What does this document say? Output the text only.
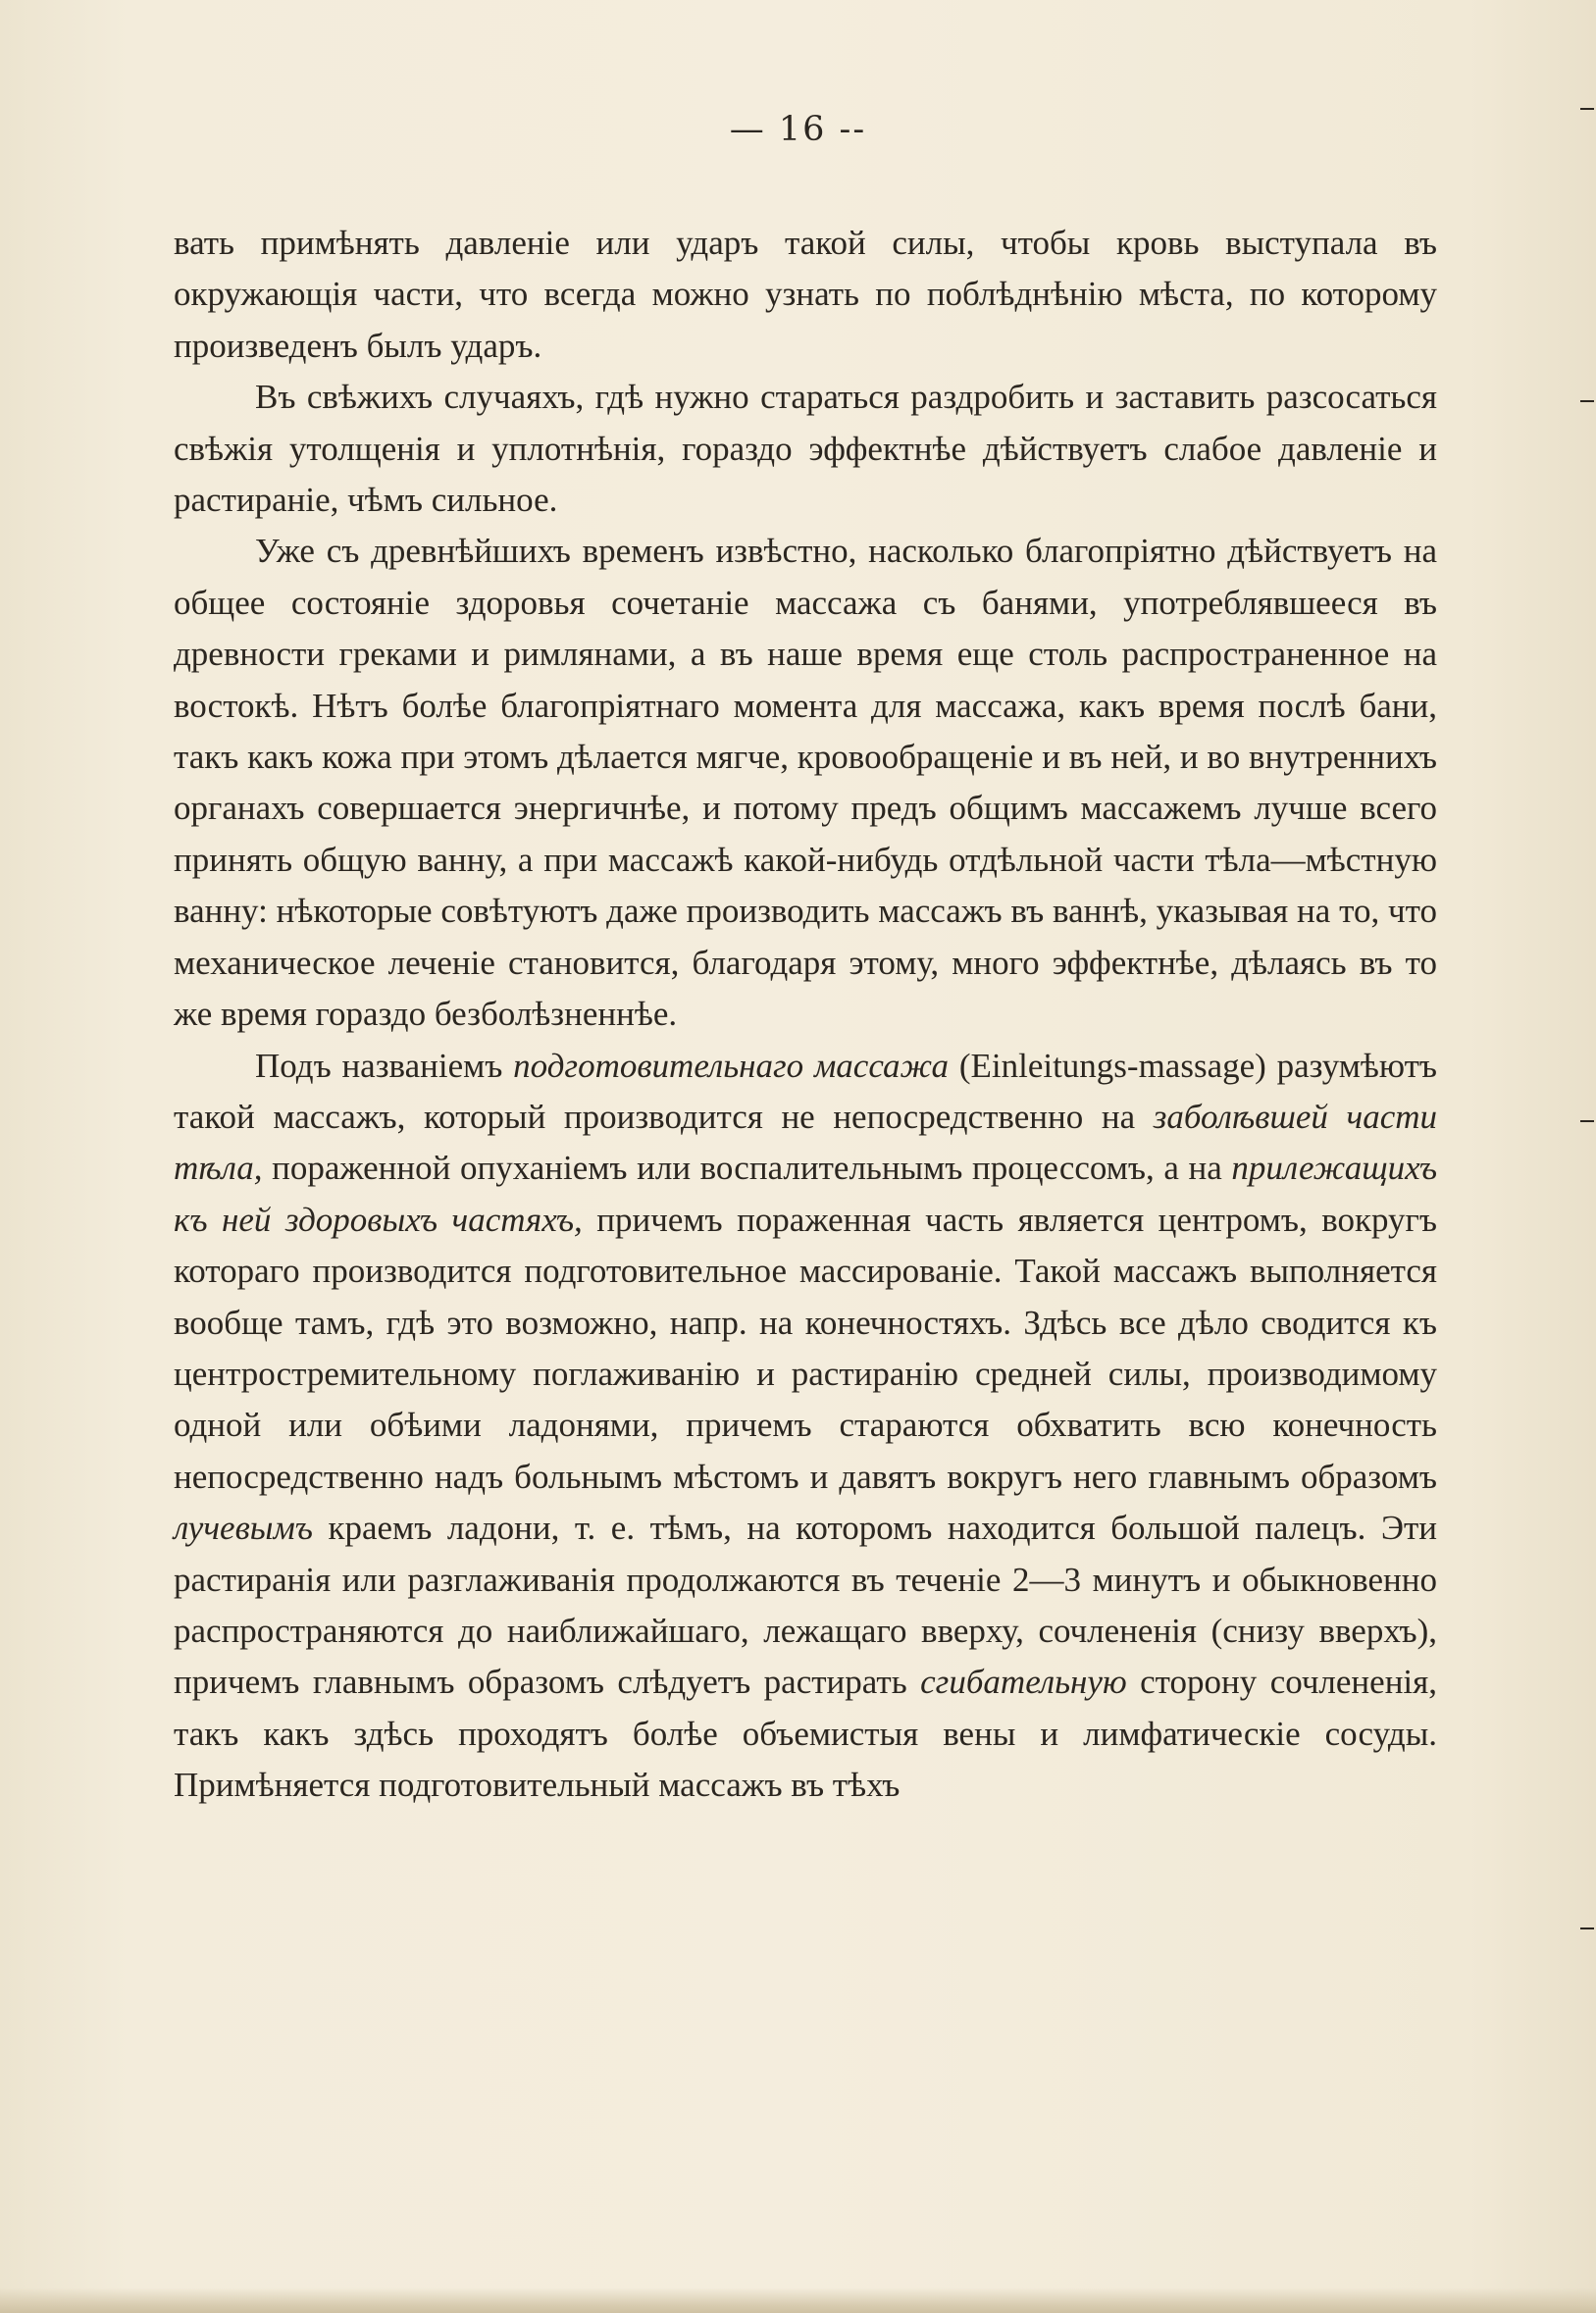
— 16 --

вать примѣнять давленіе или ударъ такой силы, чтобы кровь выступала въ окружающія части, что всегда можно узнать по поблѣднѣнію мѣста, по которому произведенъ былъ ударъ.

Въ свѣжихъ случаяхъ, гдѣ нужно стараться раздробить и заставить разсосаться свѣжія утолщенія и уплотнѣнія, гораздо эффектнѣе дѣйствуетъ слабое давленіе и растираніе, чѣмъ сильное.

Уже съ древнѣйшихъ временъ извѣстно, насколько благопріятно дѣйствуетъ на общее состояніе здоровья сочетаніе массажа съ банями, употреблявшееся въ древности греками и римлянами, а въ наше время еще столь распространенное на востокѣ. Нѣтъ болѣе благопріятнаго момента для массажа, какъ время послѣ бани, такъ какъ кожа при этомъ дѣлается мягче, кровообращеніе и въ ней, и во внутреннихъ органахъ совершается энергичнѣе, и потому предъ общимъ массажемъ лучше всего принять общую ванну, а при массажѣ какой-нибудь отдѣльной части тѣла—мѣстную ванну: нѣкоторые совѣтуютъ даже производить массажъ въ ваннѣ, указывая на то, что механическое леченіе становится, благодаря этому, много эффектнѣе, дѣлаясь въ то же время гораздо безболѣзненнѣе.

Подъ названіемъ подготовительнаго массажа (Einleitungs-massage) разумѣютъ такой массажъ, который производится не непосредственно на заболѣвшей части тѣла, пораженной опуханіемъ или воспалительнымъ процессомъ, а на прилежащихъ къ ней здоровыхъ частяхъ, причемъ пораженная часть является центромъ, вокругъ котораго производится подготовительное массированіе. Такой массажъ выполняется вообще тамъ, гдѣ это возможно, напр. на конечностяхъ. Здѣсь все дѣло сводится къ центростремительному поглаживанію и растиранію средней силы, производимому одной или обѣими ладонями, причемъ стараются обхватить всю конечность непосредственно надъ больнымъ мѣстомъ и давятъ вокругъ него главнымъ образомъ лучевымъ краемъ ладони, т. е. тѣмъ, на которомъ находится большой палецъ. Эти растиранія или разглаживанія продолжаются въ теченіе 2—3 минутъ и обыкновенно распространяются до наиближайшаго, лежащаго вверху, сочлененія (снизу вверхъ), причемъ главнымъ образомъ слѣдуетъ растирать сгибательную сторону сочлененія, такъ какъ здѣсь проходятъ болѣе объемистыя вены и лимфатическіе сосуды. Примѣняется подготовительный массажъ въ тѣхъ
